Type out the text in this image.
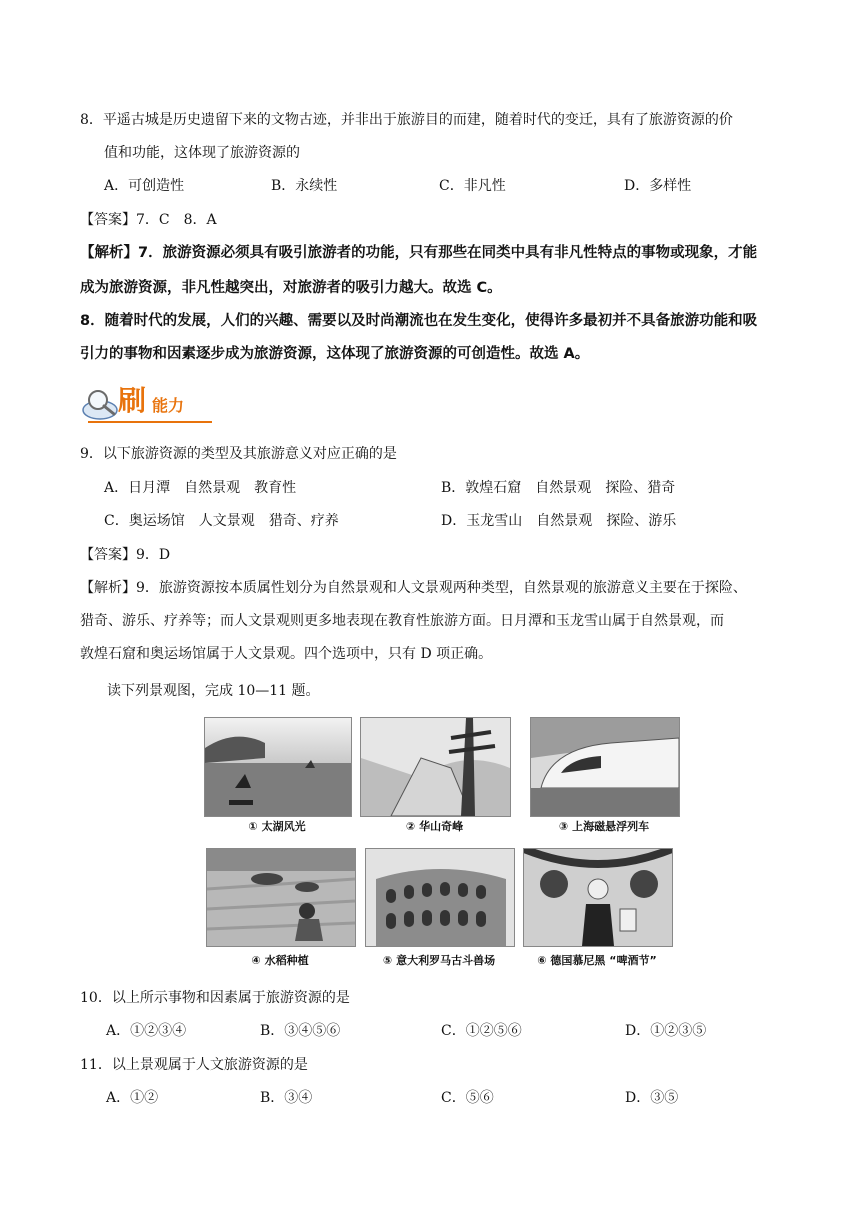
8．平遥古城是历史遗留下来的文物古迹，并非出于旅游目的而建，随着时代的变迁，具有了旅游资源的价
值和功能，这体现了旅游资源的
A．可创造性	B．永续性	C．非凡性	D．多样性
【答案】7．C　8．A
【解析】7．旅游资源必须具有吸引旅游者的功能，只有那些在同类中具有非凡性特点的事物或现象，才能
成为旅游资源，非凡性越突出，对旅游者的吸引力越大。故选 C。
8．随着时代的发展，人们的兴趣、需要以及时尚潮流也在发生变化，使得许多最初并不具备旅游功能和吸
引力的事物和因素逐步成为旅游资源，这体现了旅游资源的可创造性。故选 A。
刷 能力
9．以下旅游资源的类型及其旅游意义对应正确的是
A．日月潭　自然景观　教育性	B．敦煌石窟　自然景观　探险、猎奇
C．奥运场馆　人文景观　猎奇、疗养	D．玉龙雪山　自然景观　探险、游乐
【答案】9．D
【解析】9．旅游资源按本质属性划分为自然景观和人文景观两种类型，自然景观的旅游意义主要在于探险、
猎奇、游乐、疗养等；而人文景观则更多地表现在教育性旅游方面。日月潭和玉龙雪山属于自然景观，而
敦煌石窟和奥运场馆属于人文景观。四个选项中，只有 D 项正确。
读下列景观图，完成 10—11 题。
① 太湖风光	② 华山奇峰	③ 上海磁悬浮列车
④ 水稻种植	⑤ 意大利罗马古斗兽场	⑥ 德国慕尼黑 “啤酒节”
10．以上所示事物和因素属于旅游资源的是
A．①②③④	B．③④⑤⑥	C．①②⑤⑥	D．①②③⑤
11．以上景观属于人文旅游资源的是
A．①②	B．③④	C．⑤⑥	D．③⑤
